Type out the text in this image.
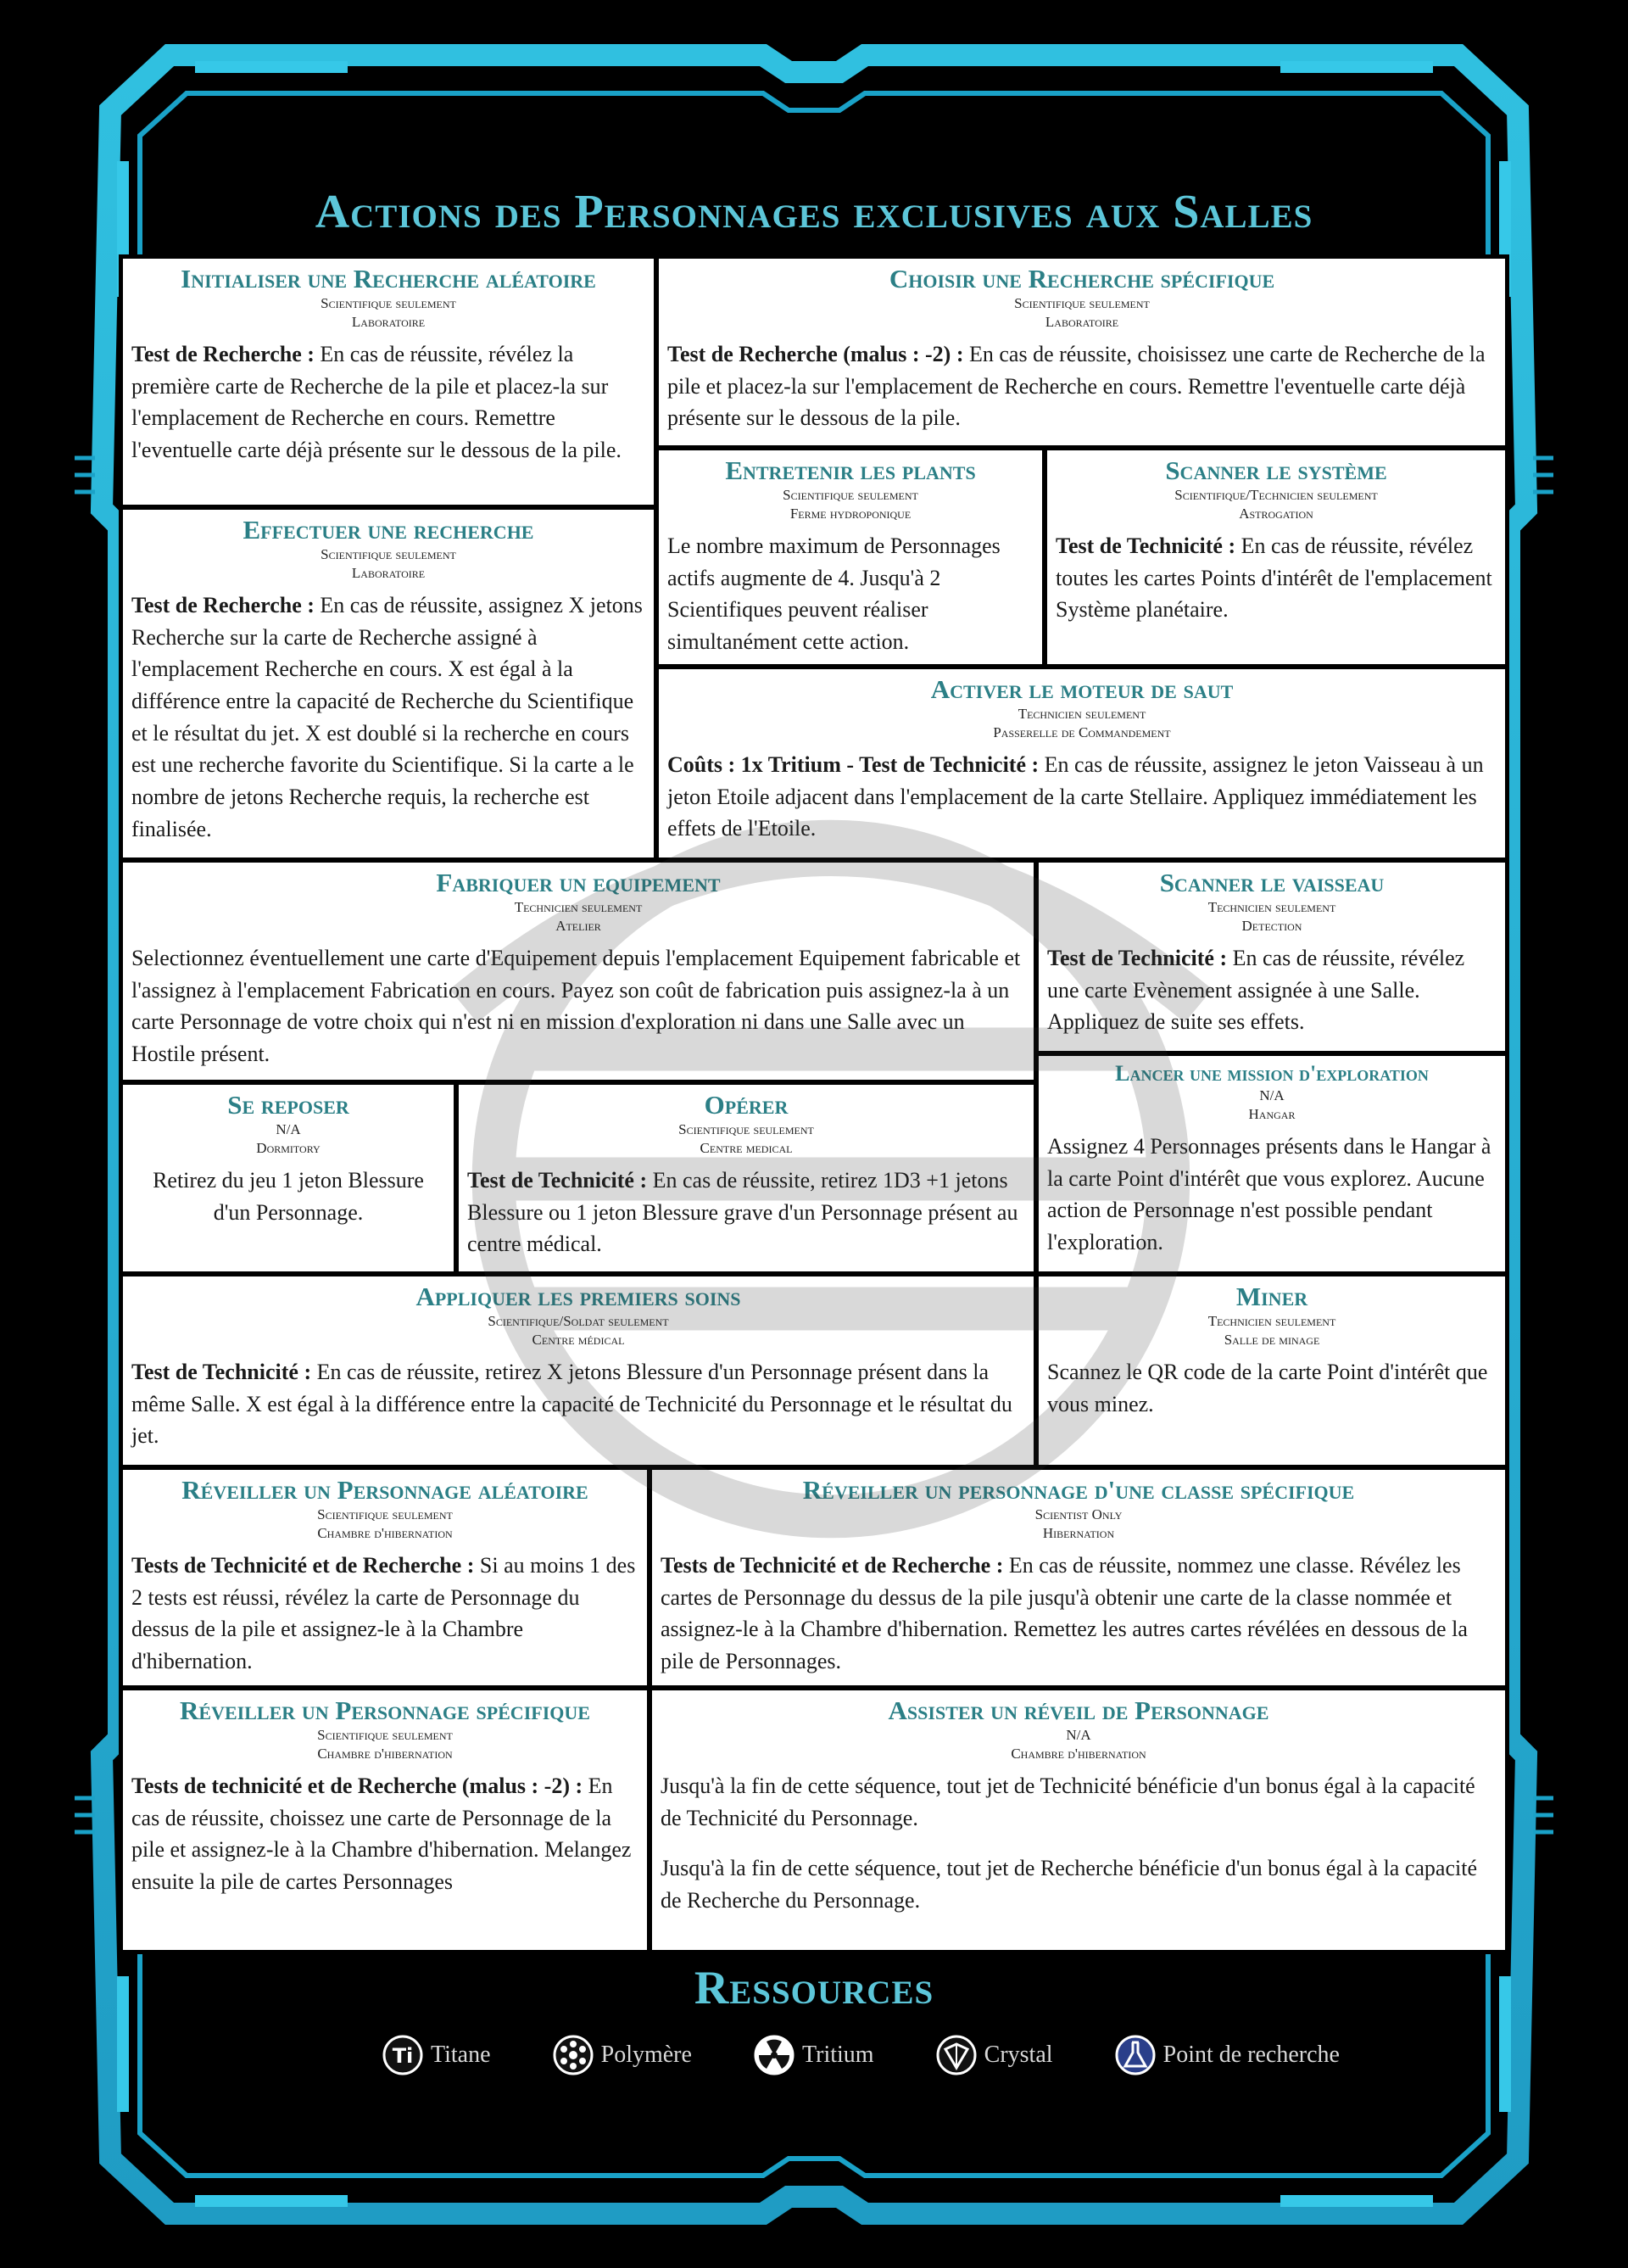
Actions des Personnages exclusives aux Salles
Initialiser une Recherche aléatoire
Scientifique seulement
Laboratoire

Test de Recherche : En cas de réussite, révélez la première carte de Recherche de la pile et placez-la sur l'emplacement de Recherche en cours. Remettre l'eventuelle carte déjà présente sur le dessous de la pile.

Choisir une Recherche spécifique
Scientifique seulement
Laboratoire

Test de Recherche (malus : -2) : En cas de réussite, choisissez une carte de Recherche de la pile et placez-la sur l'emplacement de Recherche en cours. Remettre l'eventuelle carte déjà présente sur le dessous de la pile.

Effectuer une recherche
Scientifique seulement
Laboratoire

Test de Recherche : En cas de réussite, assignez X jetons Recherche sur la carte de Recherche assigné à l'emplacement Recherche en cours. X est égal à la différence entre la capacité de Recherche du Scientifique et le résultat du jet. X est doublé si la recherche en cours est une recherche favorite du Scientifique. Si la carte a le nombre de jetons Recherche requis, la recherche est finalisée.

Entretenir les plants
Scientifique seulement
Ferme hydroponique

Le nombre maximum de Personnages actifs augmente de 4. Jusqu'à 2 Scientifiques peuvent réaliser simultanément cette action.

Scanner le système
Scientifique/Technicien seulement
Astrogation

Test de Technicité : En cas de réussite, révélez toutes les cartes Points d'intérêt de l'emplacement Système planétaire.

Activer le moteur de saut
Technicien seulement
Passerelle de Commandement

Coûts : 1x Tritium - Test de Technicité : En cas de réussite, assignez le jeton Vaisseau à un jeton Etoile adjacent dans l'emplacement de la carte Stellaire. Appliquez immédiatement les effets de l'Etoile.

Fabriquer un equipement
Technicien seulement
Atelier

Selectionnez éventuellement une carte d'Equipement depuis l'emplacement Equipement fabricable et l'assignez à l'emplacement Fabrication en cours. Payez son coût de fabrication puis assignez-la à un carte Personnage de votre choix qui n'est ni en mission d'exploration ni dans une Salle avec un Hostile présent.

Scanner le vaisseau
Technicien seulement
Detection

Test de Technicité : En cas de réussite, révélez une carte Evènement assignée à une Salle. Appliquez de suite ses effets.

Se reposer
N/A
Dormitory

Retirez du jeu 1 jeton Blessure d'un Personnage.

Opérer
Scientifique seulement
Centre medical

Test de Technicité : En cas de réussite, retirez 1D3 +1 jetons Blessure ou 1 jeton Blessure grave d'un Personnage présent au centre médical.

Lancer une mission d'exploration
N/A
Hangar

Assignez 4 Personnages présents dans le Hangar à la carte Point d'intérêt que vous explorez. Aucune action de Personnage n'est possible pendant l'exploration.

Appliquer les premiers soins
Scientifique/Soldat seulement
Centre médical

Test de Technicité : En cas de réussite, retirez X jetons Blessure d'un Personnage présent dans la même Salle. X est égal à la différence entre la capacité de Technicité du Personnage et le résultat du jet.

Miner
Technicien seulement
Salle de minage

Scannez le QR code de la carte Point d'intérêt que vous minez.

Réveiller un Personnage aléatoire
Scientifique seulement
Chambre d'hibernation

Tests de Technicité et de Recherche : Si au moins 1 des 2 tests est réussi, révélez la carte de Personnage du dessus de la pile et assignez-le à la Chambre d'hibernation.

Réveiller un personnage d'une classe spécifique
Scientist Only
Hibernation

Tests de Technicité et de Recherche : En cas de réussite, nommez une classe. Révélez les cartes de Personnage du dessus de la pile jusqu'à obtenir une carte de la classe nommée et assignez-le à la Chambre d'hibernation. Remettez les autres cartes révélées en dessous de la pile de Personnages.

Réveiller un Personnage spécifique
Scientifique seulement
Chambre d'hibernation

Tests de technicité et de Recherche (malus : -2) : En cas de réussite, choissez une carte de Personnage de la pile et assignez-le à la Chambre d'hibernation. Melangez ensuite la pile de cartes Personnages

Assister un réveil de Personnage
N/A
Chambre d'hibernation

Jusqu'à la fin de cette séquence, tout jet de Technicité bénéficie d'un bonus égal à la capacité de Technicité du Personnage.

Jusqu'à la fin de cette séquence, tout jet de Recherche bénéficie d'un bonus égal à la capacité de Recherche du Personnage.

Ressources
Ti Titane	Polymère	Tritium	Crystal	Point de recherche
